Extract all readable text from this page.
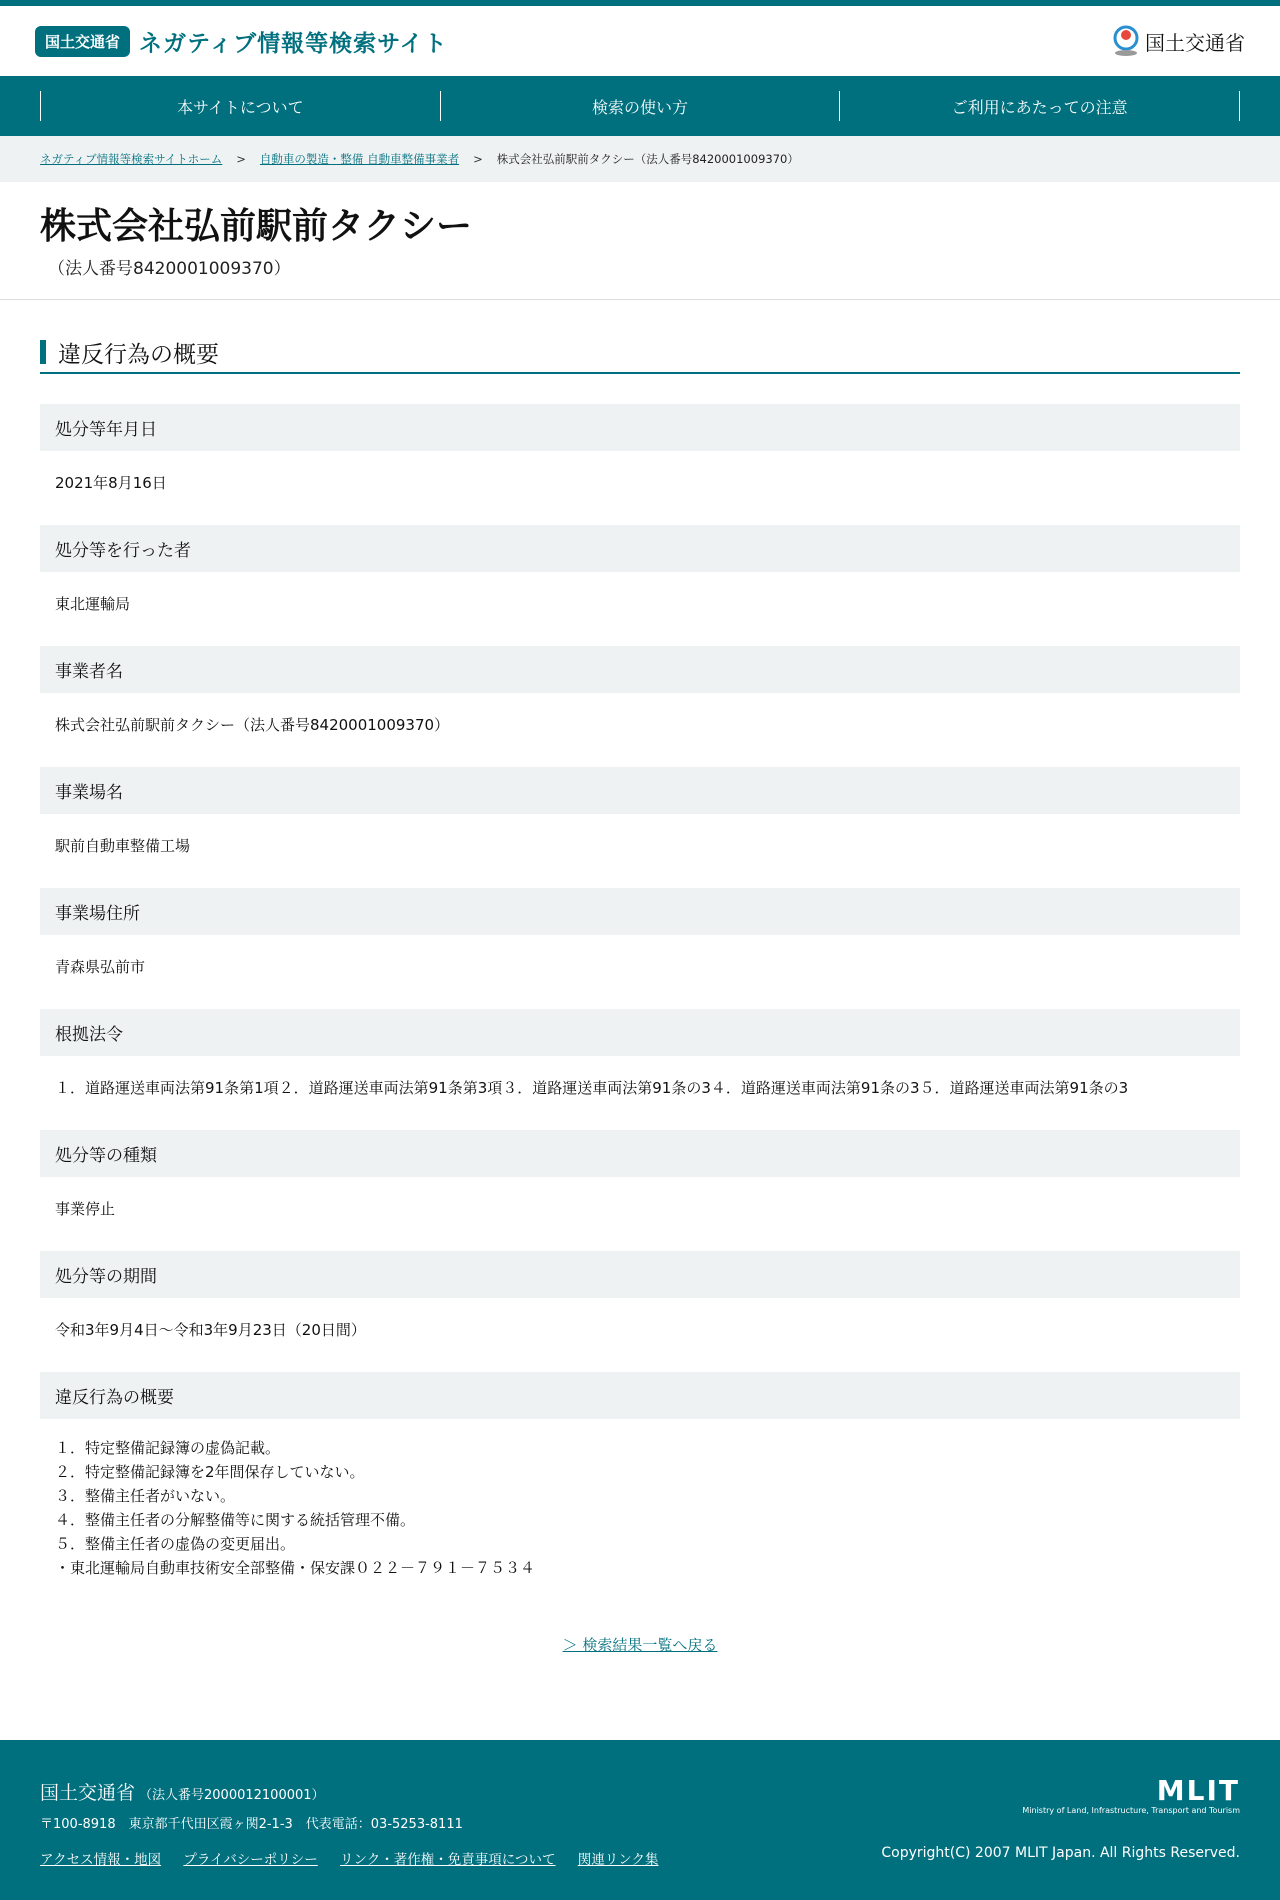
国土交通省 ネガティブ情報等検索サイト	国土交通省
本サイトについて	検索の使い方	ご利用にあたっての注意
ネガティブ情報等検索サイトホーム > 自動車の製造・整備 自動車整備事業者 > 株式会社弘前駅前タクシー（法人番号8420001009370）
株式会社弘前駅前タクシー
（法人番号8420001009370）
違反行為の概要
処分等年月日
2021年8月16日
処分等を行った者
東北運輸局
事業者名
株式会社弘前駅前タクシー（法人番号8420001009370）
事業場名
駅前自動車整備工場
事業場住所
青森県弘前市
根拠法令
１．道路運送車両法第91条第1項２．道路運送車両法第91条第3項３．道路運送車両法第91条の3４．道路運送車両法第91条の3５．道路運送車両法第91条の3
処分等の種類
事業停止
処分等の期間
令和3年9月4日～令和3年9月23日（20日間）
違反行為の概要
１．特定整備記録簿の虚偽記載。
２．特定整備記録簿を2年間保存していない。
３．整備主任者がいない。
４．整備主任者の分解整備等に関する統括管理不備。
５．整備主任者の虚偽の変更届出。
・東北運輸局自動車技術安全部整備・保安課０２２－７９１－７５３４
＞ 検索結果一覧へ戻る
国土交通省 （法人番号2000012100001）
〒100-8918　東京都千代田区霞ヶ関2-1-3　代表電話：03-5253-8111
アクセス情報・地図 プライバシーポリシー リンク・著作権・免責事項について 関連リンク集
MLIT
Ministry of Land, Infrastructure, Transport and Tourism
Copyright(C) 2007 MLIT Japan. All Rights Reserved.
